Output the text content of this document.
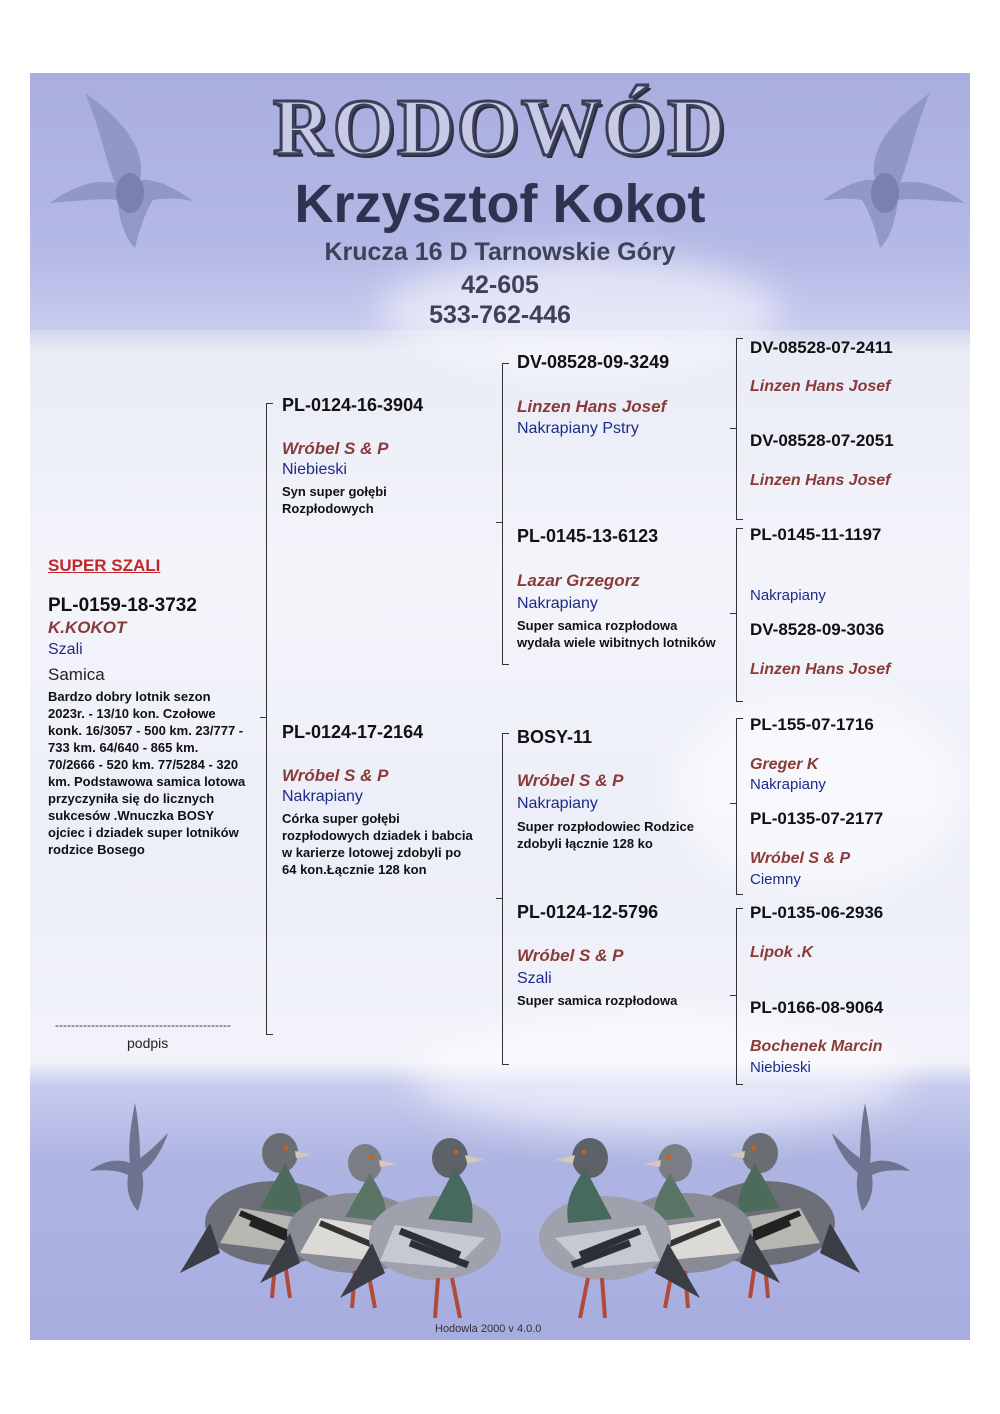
RODOWÓD
Krzysztof Kokot
Krucza 16 D Tarnowskie Góry
42-605
533-762-446
SUPER SZALI
PL-0159-18-3732
K.KOKOT
Szali
Samica
Bardzo dobry lotnik sezon 2023r. - 13/10 kon. Czołowe konk. 16/3057 - 500 km. 23/777 - 733 km. 64/640 - 865 km. 70/2666 - 520 km. 77/5284 - 320 km. Podstawowa samica lotowa przyczyniła się do licznych sukcesów .Wnuczka BOSY ojciec i dziadek super lotników rodzice Bosego
--------------------------------------------
podpis
PL-0124-16-3904
Wróbel S & P
Niebieski
Syn super gołębi Rozpłodowych
PL-0124-17-2164
Wróbel S & P
Nakrapiany
Córka super gołębi rozpłodowych dziadek i babcia w karierze lotowej zdobyli po 64 kon.Łącznie 128 kon
DV-08528-09-3249
Linzen Hans Josef
Nakrapiany Pstry
PL-0145-13-6123
Lazar Grzegorz
Nakrapiany
Super samica rozpłodowa wydała wiele wibitnych lotników
BOSY-11
Wróbel S & P
Nakrapiany
Super rozpłodowiec Rodzice zdobyli łącznie 128 ko
PL-0124-12-5796
Wróbel S & P
Szali
Super samica rozpłodowa
DV-08528-07-2411
Linzen Hans Josef
DV-08528-07-2051
Linzen Hans Josef
PL-0145-11-1197
Nakrapiany
DV-8528-09-3036
Linzen Hans Josef
PL-155-07-1716
Greger K
Nakrapiany
PL-0135-07-2177
Wróbel S & P
Ciemny
PL-0135-06-2936
Lipok .K
PL-0166-08-9064
Bochenek Marcin
Niebieski
Hodowla 2000 v 4.0.0
